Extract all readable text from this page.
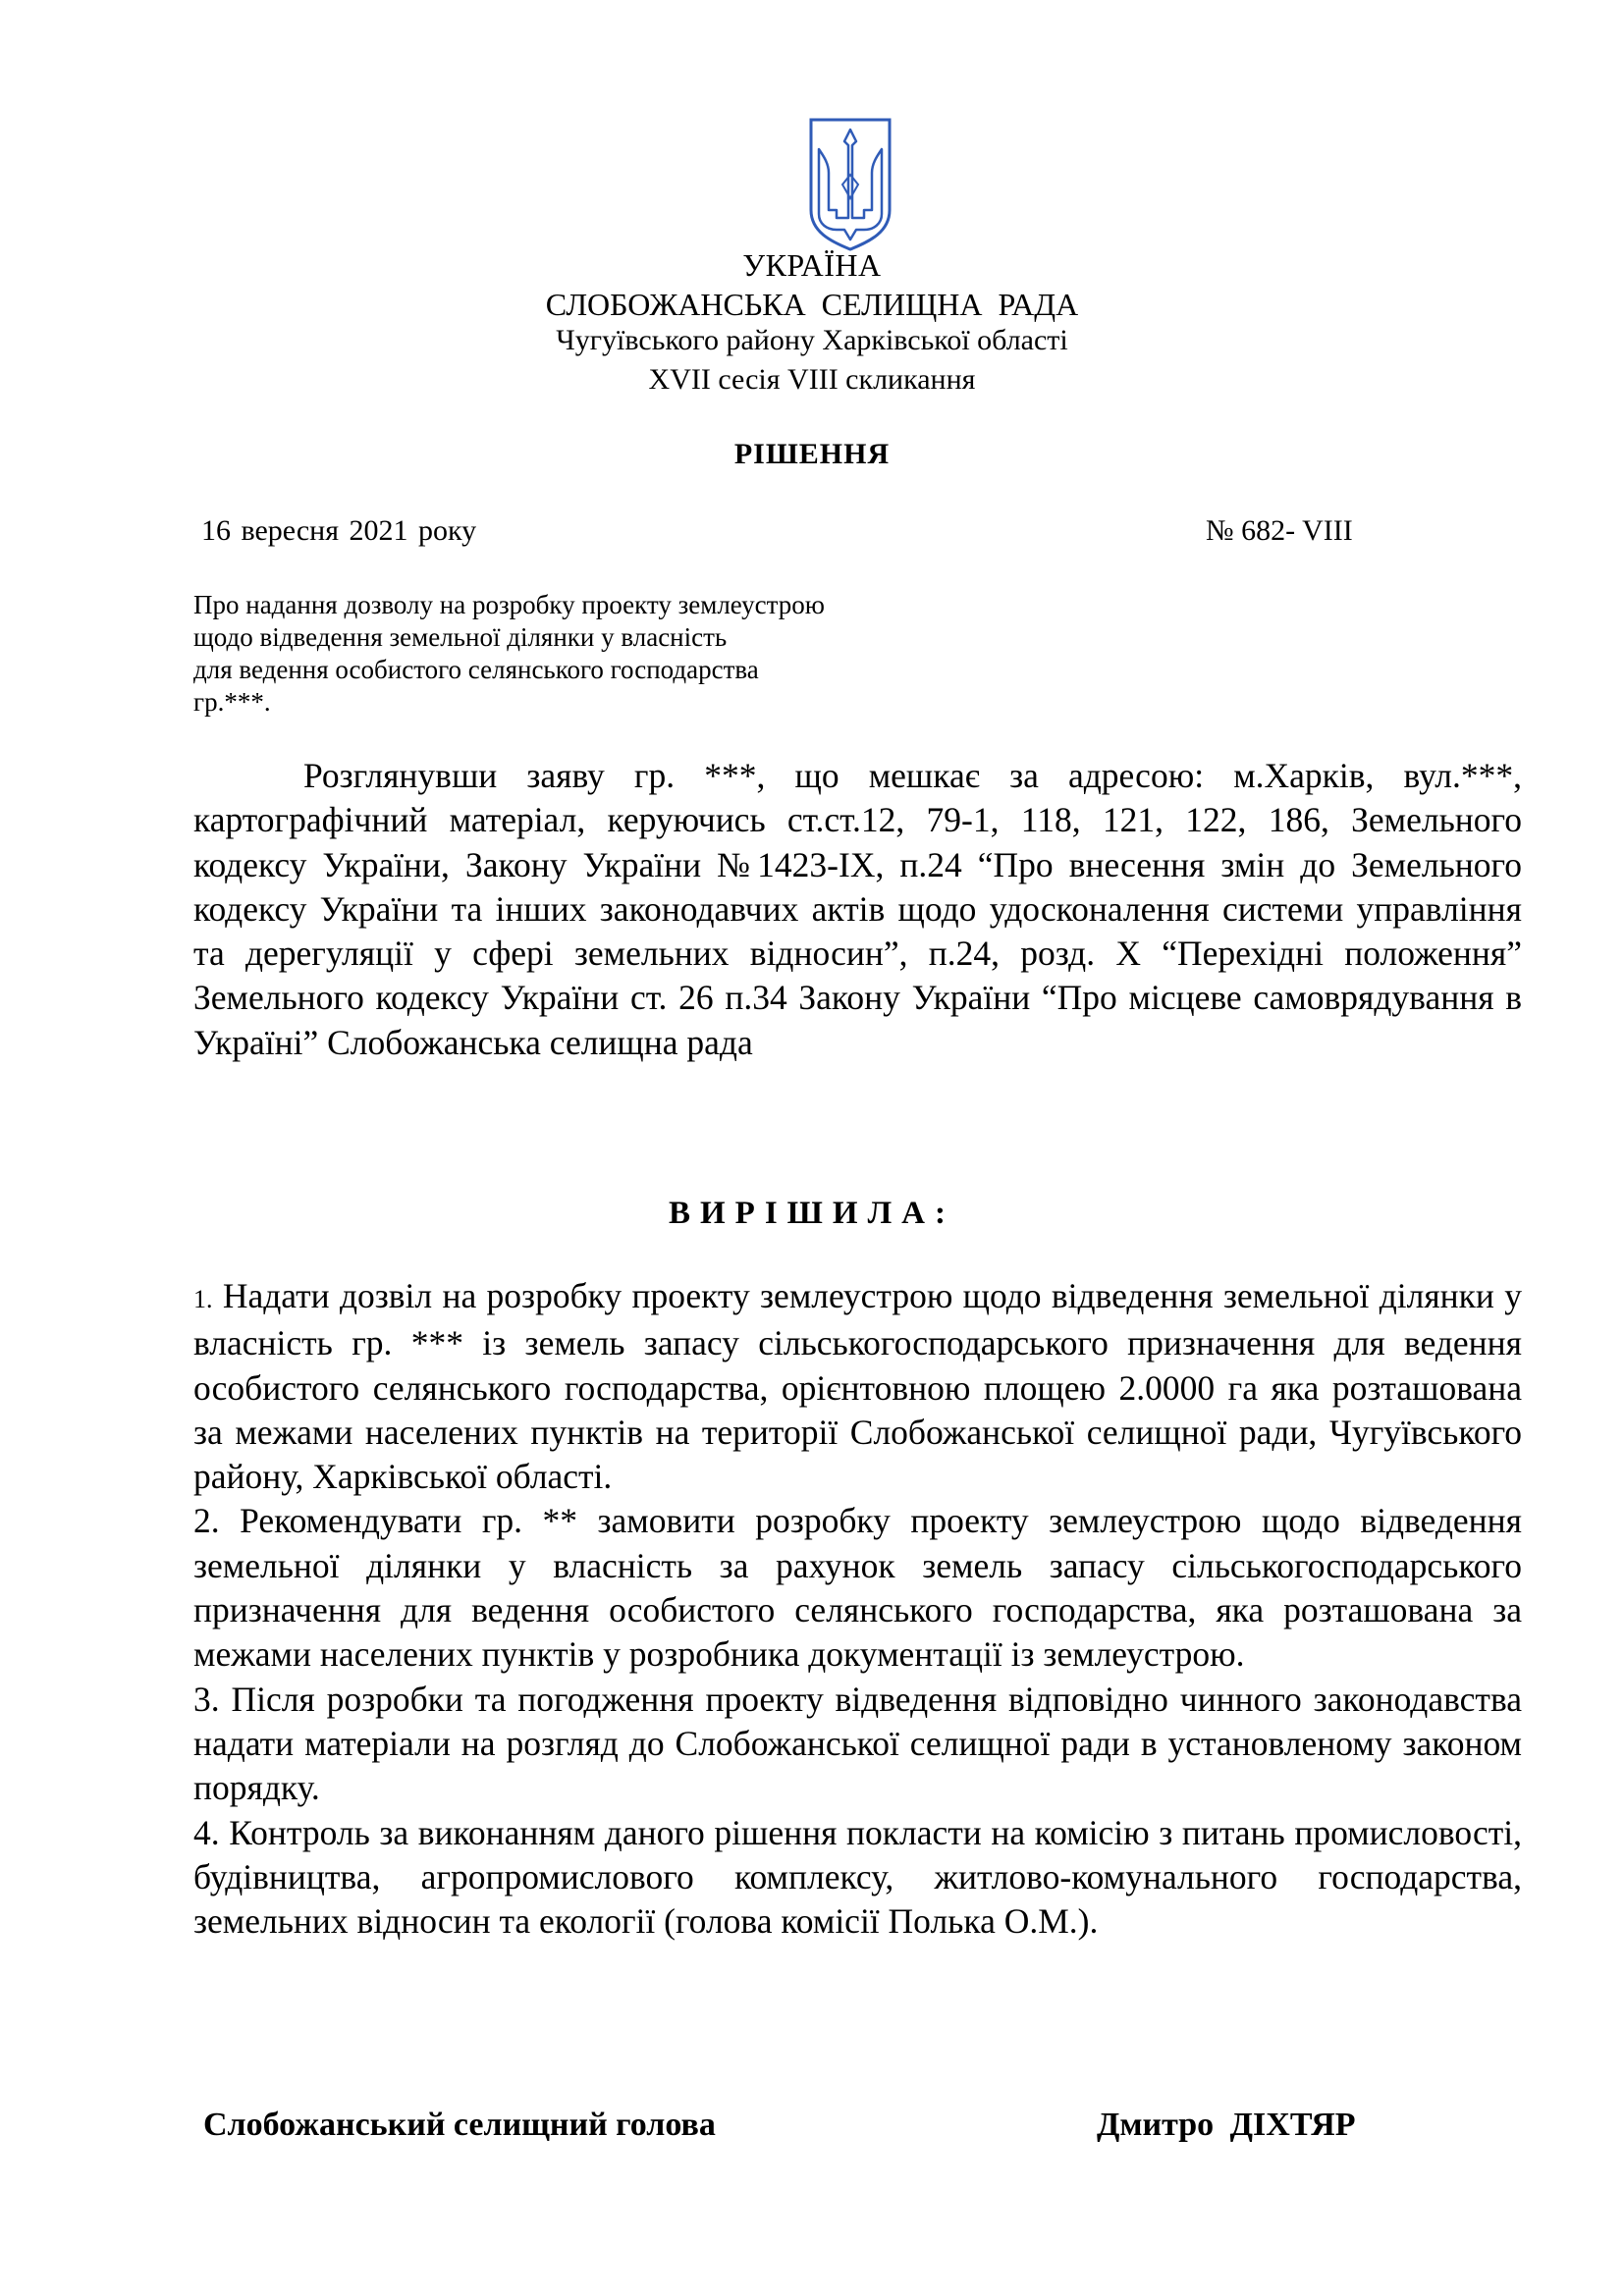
УКРАЇНА
СЛОБОЖАНСЬКА СЕЛИЩНА РАДА
Чугуївського району Харківської області
XVII сесія VIII скликання
РІШЕННЯ
16 вересня 2021 року	№ 682- VIII
Про надання дозволу на розробку проекту землеустрою
щодо відведення земельної ділянки у власність
для ведення особистого селянського господарства
гр.***.
Розглянувши заяву гр. ***, що мешкає за адресою: м.Харків, вул.***, картографічний матеріал, керуючись ст.ст.12, 79-1, 118, 121, 122, 186, Земельного кодексу України, Закону України №1423-IX, п.24 “Про внесення змін до Земельного кодексу України та інших законодавчих актів щодо удосконалення системи управління та дерегуляції у сфері земельних відносин”, п.24, розд. X “Перехідні положення” Земельного кодексу України ст. 26 п.34 Закону України “Про місцеве самоврядування в Україні” Слобожанська селищна рада
ВИРІШИЛА:

1. Надати дозвіл на розробку проекту землеустрою щодо відведення земельної ділянки у власність гр. *** із земель запасу сільськогосподарського призначення для ведення особистого селянського господарства, орієнтовною площею 2.0000 га яка розташована за межами населених пунктів на території Слобожанської селищної ради, Чугуївського району, Харківської області.

2. Рекомендувати гр. ** замовити розробку проекту землеустрою щодо відведення земельної ділянки у власність за рахунок земель запасу сільськогосподарського призначення для ведення особистого селянського господарства, яка розташована за межами населених пунктів у розробника документації із землеустрою.

3. Після розробки та погодження проекту відведення відповідно чинного законодавства надати матеріали на розгляд до Слобожанської селищної ради в установленому законом порядку.

4. Контроль за виконанням даного рішення покласти на комісію з питань промисловості, будівництва, агропромислового комплексу, житлово-комунального господарства, земельних відносин та екології (голова комісії Полька О.М.).

Слобожанський селищний голова	Дмитро ДІХТЯР
